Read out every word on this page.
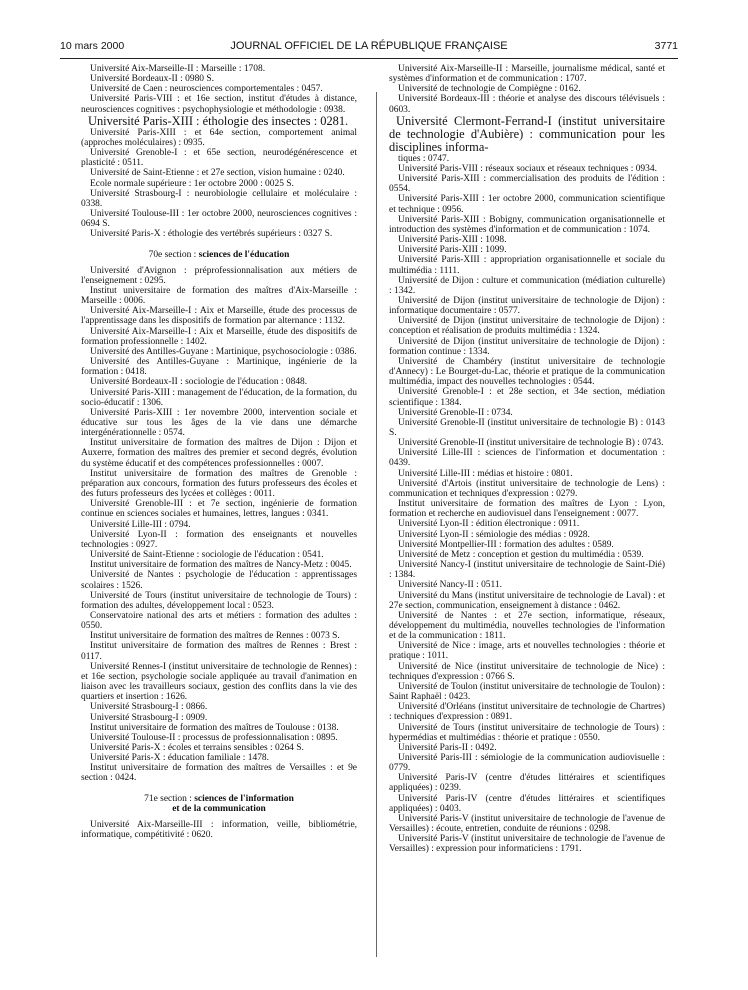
10 mars 2000	JOURNAL OFFICIEL DE LA RÉPUBLIQUE FRANÇAISE	3771

Université Aix-Marseille-II : Marseille : 1708.

Université Bordeaux-II : 0980 S.

Université de Caen : neurosciences comportementales : 0457.

Université Paris-VIII : et 16e section, institut d'études à distance, neurosciences cognitives : psychophysiologie et méthodologie : 0938.

Université Paris-XIII : éthologie des insectes : 0281.

Université Paris-XIII : et 64e section, comportement animal (approches moléculaires) : 0935.

Université Grenoble-I : et 65e section, neurodégénérescence et plasticité : 0511.

Université de Saint-Etienne : et 27e section, vision humaine : 0240.

Ecole normale supérieure : 1er octobre 2000 : 0025 S.

Université Strasbourg-I : neurobiologie cellulaire et moléculaire : 0338.

Université Toulouse-III : 1er octobre 2000, neurosciences cognitives : 0694 S.

Université Paris-X : éthologie des vertébrés supérieurs : 0327 S.

70e section : sciences de l'éducation

Université d'Avignon : préprofessionnalisation aux métiers de l'enseignement : 0295.

Institut universitaire de formation des maîtres d'Aix-Marseille : Marseille : 0006.

Université Aix-Marseille-I : Aix et Marseille, étude des processus de l'apprentissage dans les dispositifs de formation par alternance : 1132.

Université Aix-Marseille-I : Aix et Marseille, étude des dispositifs de formation professionnelle : 1402.

Université des Antilles-Guyane : Martinique, psychosociologie : 0386.

Université des Antilles-Guyane : Martinique, ingénierie de la formation : 0418.

Université Bordeaux-II : sociologie de l'éducation : 0848.

Université Paris-XIII : management de l'éducation, de la formation, du socio-éducatif : 1306.

Université Paris-XIII : 1er novembre 2000, intervention sociale et éducative sur tous les âges de la vie dans une démarche intergénérationnelle : 0574.

Institut universitaire de formation des maîtres de Dijon : Dijon et Auxerre, formation des maîtres des premier et second degrés, évolution du système éducatif et des compétences professionnelles : 0007.

Institut universitaire de formation des maîtres de Grenoble : préparation aux concours, formation des futurs professeurs des écoles et des futurs professeurs des lycées et collèges : 0011.

Université Grenoble-III : et 7e section, ingénierie de formation continue en sciences sociales et humaines, lettres, langues : 0341.

Université Lille-III : 0794.

Université Lyon-II : formation des enseignants et nouvelles technologies : 0927.

Université de Saint-Etienne : sociologie de l'éducation : 0541.

Institut universitaire de formation des maîtres de Nancy-Metz : 0045.

Université de Nantes : psychologie de l'éducation : apprentissages scolaires : 1526.

Université de Tours (institut universitaire de technologie de Tours) : formation des adultes, développement local : 0523.

Conservatoire national des arts et métiers : formation des adultes : 0550.

Institut universitaire de formation des maîtres de Rennes : 0073 S.

Institut universitaire de formation des maîtres de Rennes : Brest : 0117.

Université Rennes-I (institut universitaire de technologie de Rennes) : et 16e section, psychologie sociale appliquée au travail d'animation en liaison avec les travailleurs sociaux, gestion des conflits dans la vie des quartiers et insertion : 1626.

Université Strasbourg-I : 0866.

Université Strasbourg-I : 0909.

Institut universitaire de formation des maîtres de Toulouse : 0138.

Université Toulouse-II : processus de professionnalisation : 0895.

Université Paris-X : écoles et terrains sensibles : 0264 S.

Université Paris-X : éducation familiale : 1478.

Institut universitaire de formation des maîtres de Versailles : et 9e section : 0424.

71e section : sciences de l'information
et de la communication

Université Aix-Marseille-III : information, veille, bibliométrie, informatique, compétitivité : 0620.

Université Aix-Marseille-II : Marseille, journalisme médical, santé et systèmes d'information et de communication : 1707.

Université de technologie de Compiègne : 0162.

Université Bordeaux-III : théorie et analyse des discours télévisuels : 0603.

Université Clermont-Ferrand-I (institut universitaire de technologie d'Aubière) : communication pour les disciplines informa-

tiques : 0747.

Université Paris-VIII : réseaux sociaux et réseaux techniques : 0934.

Université Paris-XIII : commercialisation des produits de l'édition : 0554.

Université Paris-XIII : 1er octobre 2000, communication scientifique et technique : 0956.

Université Paris-XIII : Bobigny, communication organisationnelle et introduction des systèmes d'information et de communication : 1074.

Université Paris-XIII : 1098.

Université Paris-XIII : 1099.

Université Paris-XIII : appropriation organisationnelle et sociale du multimédia : 1111.

Université de Dijon : culture et communication (médiation culturelle) : 1342.

Université de Dijon (institut universitaire de technologie de Dijon) : informatique documentaire : 0577.

Université de Dijon (institut universitaire de technologie de Dijon) : conception et réalisation de produits multimédia : 1324.

Université de Dijon (institut universitaire de technologie de Dijon) : formation continue : 1334.

Université de Chambéry (institut universitaire de technologie d'Annecy) : Le Bourget-du-Lac, théorie et pratique de la communication multimédia, impact des nouvelles technologies : 0544.

Université Grenoble-I : et 28e section, et 34e section, médiation scientifique : 1384.

Université Grenoble-II : 0734.

Université Grenoble-II (institut universitaire de technologie B) : 0143 S.

Université Grenoble-II (institut universitaire de technologie B) : 0743.

Université Lille-III : sciences de l'information et documentation : 0439.

Université Lille-III : médias et histoire : 0801.

Université d'Artois (institut universitaire de technologie de Lens) : communication et techniques d'expression : 0279.

Institut universitaire de formation des maîtres de Lyon : Lyon, formation et recherche en audiovisuel dans l'enseignement : 0077.

Université Lyon-II : édition électronique : 0911.

Université Lyon-II : sémiologie des médias : 0928.

Université Montpellier-III : formation des adultes : 0589.

Université de Metz : conception et gestion du multimédia : 0539.

Université Nancy-I (institut universitaire de technologie de Saint-Dié) : 1384.

Université Nancy-II : 0511.

Université du Mans (institut universitaire de technologie de Laval) : et 27e section, communication, enseignement à distance : 0462.

Université de Nantes : et 27e section, informatique, réseaux, développement du multimédia, nouvelles technologies de l'information et de la communication : 1811.

Université de Nice : image, arts et nouvelles technologies : théorie et pratique : 1011.

Université de Nice (institut universitaire de technologie de Nice) : techniques d'expression : 0766 S.

Université de Toulon (institut universitaire de technologie de Toulon) : Saint Raphaël : 0423.

Université d'Orléans (institut universitaire de technologie de Chartres) : techniques d'expression : 0891.

Université de Tours (institut universitaire de technologie de Tours) : hypermédias et multimédias : théorie et pratique : 0550.

Université Paris-II : 0492.

Université Paris-III : sémiologie de la communication audiovisuelle : 0779.

Université Paris-IV (centre d'études littéraires et scientifiques appliquées) : 0239.

Université Paris-IV (centre d'études littéraires et scientifiques appliquées) : 0403.

Université Paris-V (institut universitaire de technologie de l'avenue de Versailles) : écoute, entretien, conduite de réunions : 0298.

Université Paris-V (institut universitaire de technologie de l'avenue de Versailles) : expression pour informaticiens : 1791.
